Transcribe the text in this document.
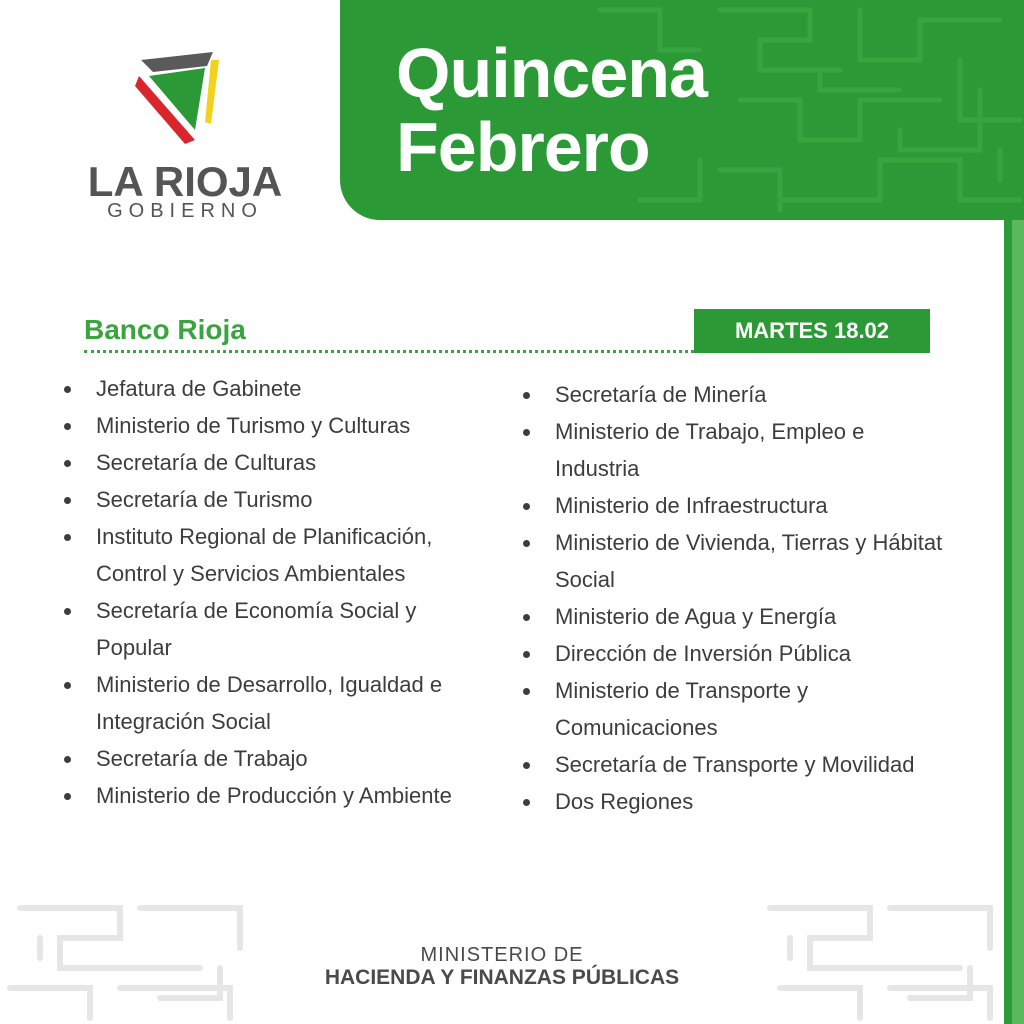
Quincena
Febrero
LA RIOJA
GOBIERNO
Banco Rioja	MARTES 18.02
Jefatura de Gabinete
Ministerio de Turismo y Culturas
Secretaría de Culturas
Secretaría de Turismo
Instituto Regional de Planificación, Control y Servicios Ambientales
Secretaría de Economía Social y Popular
Ministerio de Desarrollo, Igualdad e Integración Social
Secretaría de Trabajo
Ministerio de Producción y Ambiente
Secretaría de Minería
Ministerio de Trabajo, Empleo e Industria
Ministerio de Infraestructura
Ministerio de Vivienda, Tierras y Hábitat Social
Ministerio de Agua y Energía
Dirección de Inversión Pública
Ministerio de Transporte y Comunicaciones
Secretaría de Transporte y Movilidad
Dos Regiones
MINISTERIO DE
HACIENDA Y FINANZAS PÚBLICAS
